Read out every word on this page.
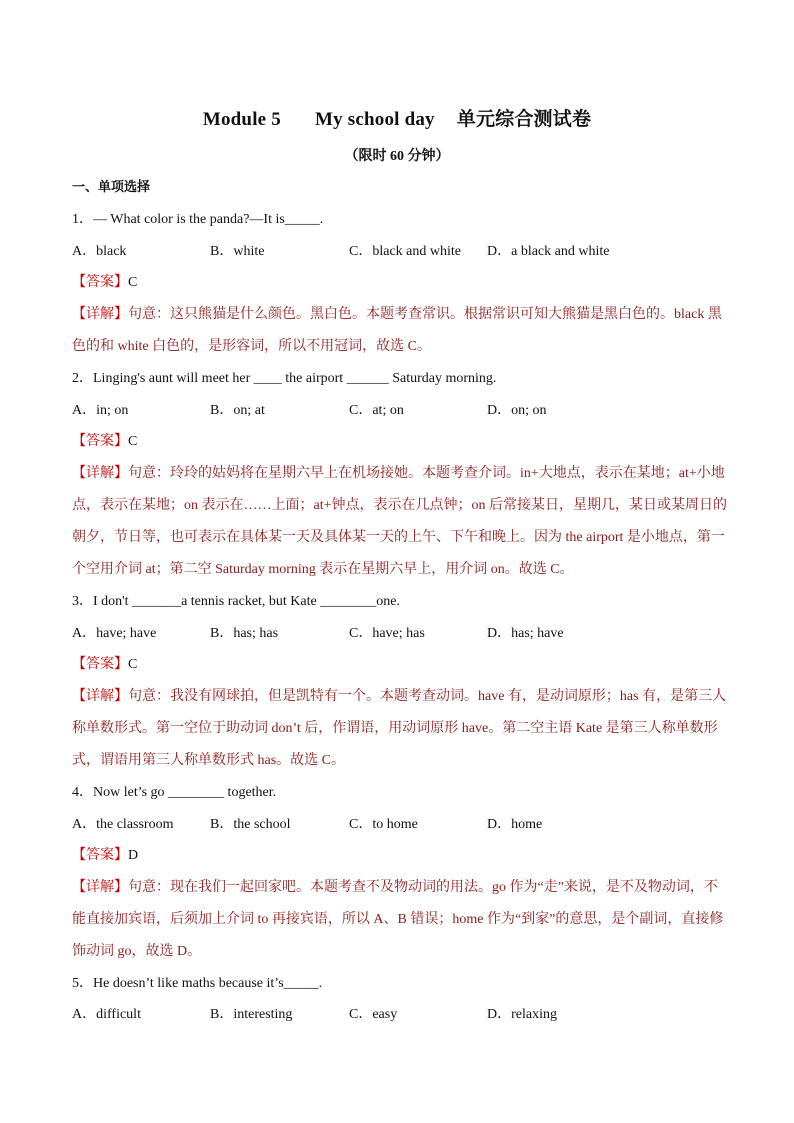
Module 5 My school day 单元综合测试卷
（限时 60 分钟）
一、单项选择
1．— What color is the panda?—It is_____.
A．black	B．white	C．black and white D．a black and white
【答案】C
【详解】句意：这只熊猫是什么颜色。黑白色。本题考查常识。根据常识可知大熊猫是黑白色的。black 黑
色的和 white 白色的，是形容词，所以不用冠词，故选 C。
2．Linging's aunt will meet her ____ the airport ______ Saturday morning.
A．in; on	B．on; at	C．at; on	D．on; on
【答案】C
【详解】句意：玲玲的姑妈将在星期六早上在机场接她。本题考查介词。in+大地点，表示在某地；at+小地
点，表示在某地；on 表示在……上面；at+钟点，表示在几点钟；on 后常接某日，星期几，某日或某周日的
朝夕，节日等，也可表示在具体某一天及具体某一天的上午、下午和晚上。因为 the airport 是小地点，第一
个空用介词 at；第二空 Saturday morning 表示在星期六早上，用介词 on。故选 C。
3．I don't _______a tennis racket, but Kate ________one.
A．have; have	B．has; has	C．have; has	D．has; have
【答案】C
【详解】句意：我没有网球拍，但是凯特有一个。本题考查动词。have 有，是动词原形；has 有，是第三人
称单数形式。第一空位于助动词 don’t 后，作谓语，用动词原形 have。第二空主语 Kate 是第三人称单数形
式，谓语用第三人称单数形式 has。故选 C。
4．Now let’s go ________ together.
A．the classroom	B．the school	C．to home	D．home
【答案】D
【详解】句意：现在我们一起回家吧。本题考查不及物动词的用法。go 作为“走”来说，是不及物动词，不
能直接加宾语，后须加上介词 to 再接宾语，所以 A、B 错误；home 作为“到家”的意思，是个副词，直接修
饰动词 go，故选 D。
5．He doesn’t like maths because it’s_____.
A．difficult	B．interesting	C．easy	D．relaxing
